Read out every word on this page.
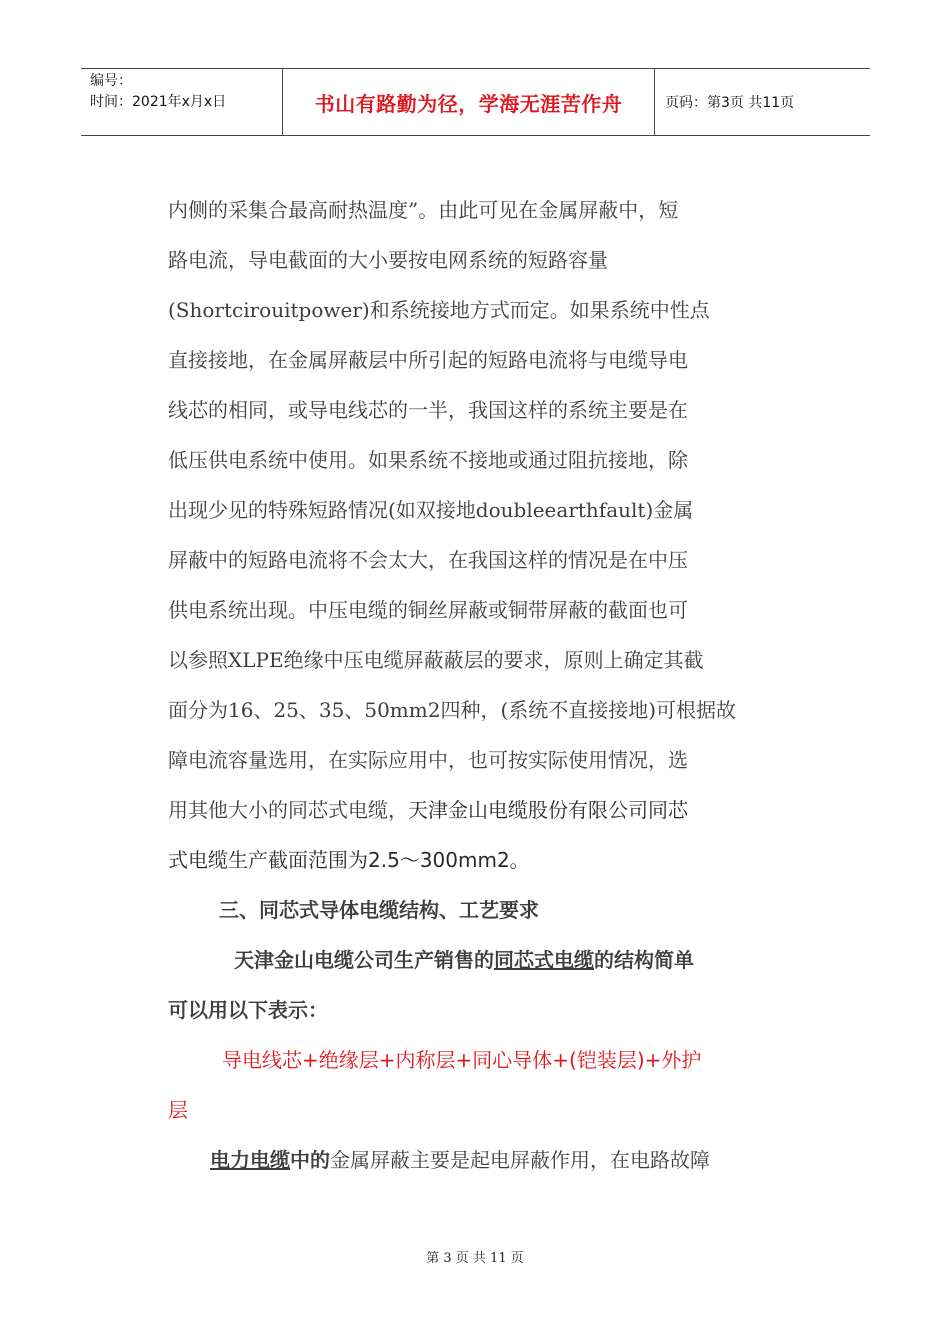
编号：
时间：2021年x月x日	书山有路勤为径，学海无涯苦作舟	页码：第3页 共11页
内侧的采集合最高耐热温度”。由此可见在金属屏蔽中，短
路电流，导电截面的大小要按电网系统的短路容量
(Shortcirouitpower)和系统接地方式而定。如果系统中性点
直接接地，在金属屏蔽层中所引起的短路电流将与电缆导电
线芯的相同，或导电线芯的一半，我国这样的系统主要是在
低压供电系统中使用。如果系统不接地或通过阻抗接地，除
出现少见的特殊短路情况(如双接地doubleearthfault)金属
屏蔽中的短路电流将不会太大，在我国这样的情况是在中压
供电系统出现。中压电缆的铜丝屏蔽或铜带屏蔽的截面也可
以参照XLPE绝缘中压电缆屏蔽蔽层的要求，原则上确定其截
面分为16、25、35、50mm2四种，(系统不直接接地)可根据故
障电流容量选用，在实际应用中，也可按实际使用情况，选
用其他大小的同芯式电缆，天津金山电缆股份有限公司同芯
式电缆生产截面范围为2.5～300mm2。
三、同芯式导体电缆结构、工艺要求
天津金山电缆公司生产销售的同芯式电缆的结构简单
可以用以下表示：
导电线芯+绝缘层+内称层+同心导体+(铠装层)+外护
层
电力电缆中的金属屏蔽主要是起电屏蔽作用，在电路故障
第 3 页 共 11 页
